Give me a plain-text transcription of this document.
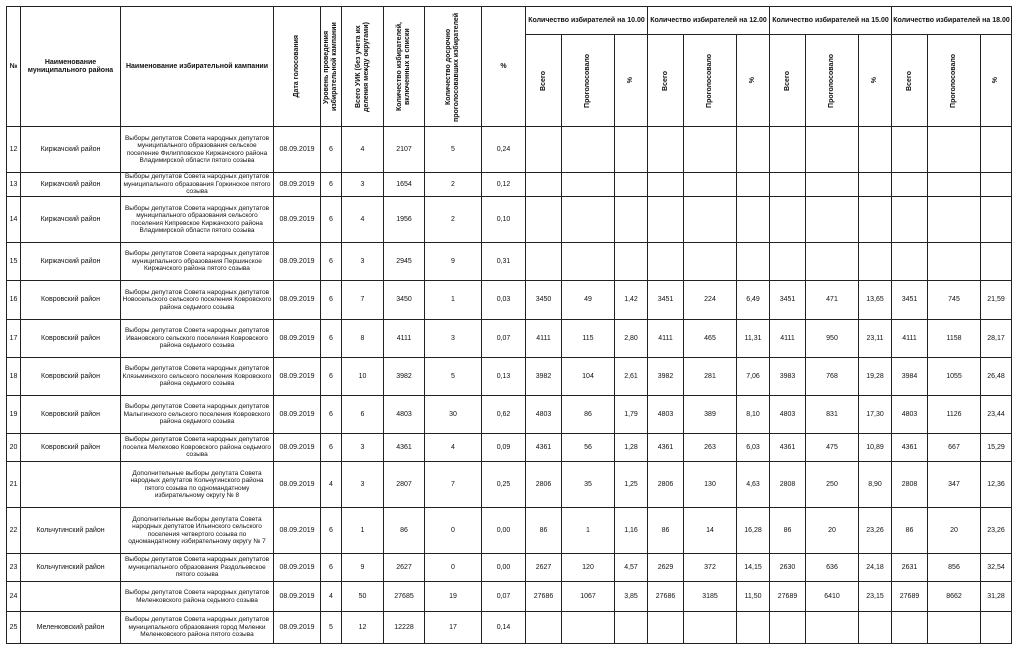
№	Наименование муниципального района	Наименование избирательной кампании	Дата голосования	Уровень проведения избирательной кампании	Всего УИК (без учета их деления между округами)	Количество избирателей, включенных в списки	Количество досрочно проголосовавших избирателей	%	Количество избирателей на 10.00			Количество избирателей на 12.00			Количество избирателей на 15.00			Количество избирателей на 18.00		

									Всего	Проголосовало	%	Всего	Проголосовало	%	Всего	Проголосовало	%	Всего	Проголосовало	%

12	Киржачский район	Выборы депутатов Совета народных депутатов муниципального образования сельское поселение Филипповское Киржачского района Владимирской области пятого созыва	08.09.2019	6	4	2107	5	0,24												
13	Киржачский район	Выборы депутатов Совета народных депутатов муниципального образования Горкинское пятого созыва	08.09.2019	6	3	1654	2	0,12												
14	Киржачский район	Выборы депутатов Совета народных депутатов муниципального образования сельского поселения Кипревское Киржачского района Владимирской области пятого созыва	08.09.2019	6	4	1956	2	0,10												
15	Киржачский район	Выборы депутатов Совета народных депутатов муниципального образования Першинское Киржачского района пятого созыва	08.09.2019	6	3	2945	9	0,31												
16	Ковровский район	Выборы депутатов Совета народных депутатов Новосельского сельского поселения Ковровского района седьмого созыва	08.09.2019	6	7	3450	1	0,03	3450	49	1,42	3451	224	6,49	3451	471	13,65	3451	745	21,59
17	Ковровский район	Выборы депутатов Совета народных депутатов Ивановского сельского поселения Ковровского района седьмого созыва	08.09.2019	6	8	4111	3	0,07	4111	115	2,80	4111	465	11,31	4111	950	23,11	4111	1158	28,17
18	Ковровский район	Выборы депутатов Совета народных депутатов Клязьминского сельского поселения Ковровского района седьмого созыва	08.09.2019	6	10	3982	5	0,13	3982	104	2,61	3982	281	7,06	3983	768	19,28	3984	1055	26,48
19	Ковровский район	Выборы депутатов Совета народных депутатов Малыгинского сельского поселения Ковровского района седьмого созыва	08.09.2019	6	6	4803	30	0,62	4803	86	1,79	4803	389	8,10	4803	831	17,30	4803	1126	23,44
20	Ковровский район	Выборы депутатов Совета народных депутатов поселка Мелехово Ковровского района седьмого созыва	08.09.2019	6	3	4361	4	0,09	4361	56	1,28	4361	263	6,03	4361	475	10,89	4361	667	15,29
21		Дополнительные выборы депутата Совета народных депутатов Кольчугинского района пятого созыва по одномандатному избирательному округу № 8	08.09.2019	4	3	2807	7	0,25	2806	35	1,25	2806	130	4,63	2808	250	8,90	2808	347	12,36
22	Кольчугинский район	Дополнительные выборы депутата Совета народных депутатов Ильинского сельского поселения четвертого созыва по одномандатному избирательному округу № 7	08.09.2019	6	1	86	0	0,00	86	1	1,16	86	14	16,28	86	20	23,26	86	20	23,26
23	Кольчугинский район	Выборы депутатов Совета народных депутатов муниципального образования Раздольевское пятого созыва	08.09.2019	6	9	2627	0	0,00	2627	120	4,57	2629	372	14,15	2630	636	24,18	2631	856	32,54
24		Выборы депутатов Совета народных депутатов Меленковского района седьмого созыва	08.09.2019	4	50	27685	19	0,07	27686	1067	3,85	27686	3185	11,50	27689	6410	23,15	27689	8662	31,28
25	Меленковский район	Выборы депутатов Совета народных депутатов муниципального образования город Меленки Меленковского района пятого созыва	08.09.2019	5	12	12228	17	0,14												
